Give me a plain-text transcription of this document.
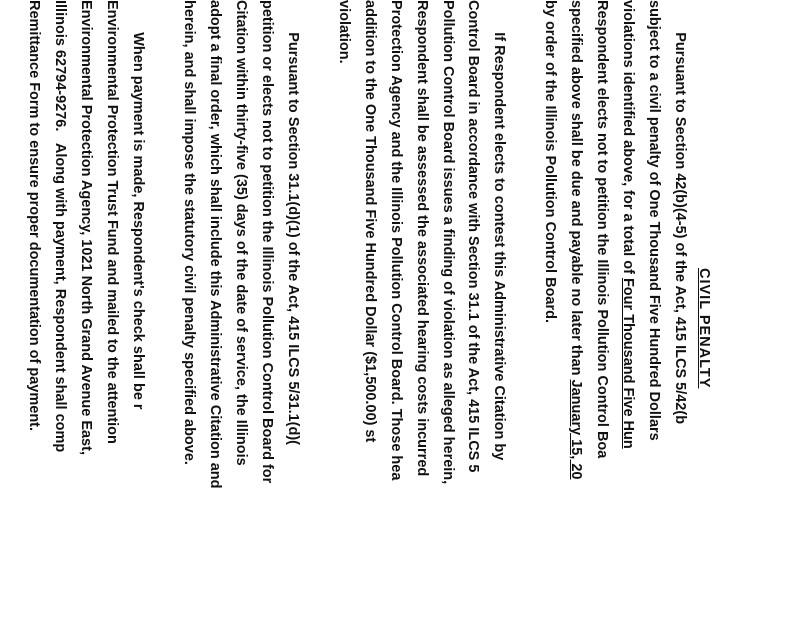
CIVIL PENALTY
Pursuant to Section 42(b)(4-5) of the Act, 415 ILCS 5/42(b
subject to a civil penalty of One Thousand Five Hundred Dollars
violations identified above, for a total of Four Thousand Five Hun
Respondent elects not to petition the Illinois Pollution Control Boa
specified above shall be due and payable no later than January 15, 20
by order of the Illinois Pollution Control Board.
If Respondent elects to contest this Administrative Citation by
Control Board in accordance with Section 31.1 of the Act, 415 ILCS 5
Pollution Control Board issues a finding of violation as alleged herein,
Respondent shall be assessed the associated hearing costs incurred
Protection Agency and the Illinois Pollution Control Board. Those hea
addition to the One Thousand Five Hundred Dollar ($1,500.00) st
violation.
Pursuant to Section 31.1(d)(1) of the Act, 415 ILCS 5/31.1(d)(
petition or elects not to petition the Illinois Pollution Control Board for
Citation within thirty-five (35) days of the date of service, the Illinois
adopt a final order, which shall include this Administrative Citation and
herein, and shall impose the statutory civil penalty specified above.
When payment is made, Respondent's check shall be r
Environmental Protection Trust Fund and mailed to the attention
Environmental Protection Agency, 1021 North Grand Avenue East,
Illinois 62794-9276.   Along with payment, Respondent shall comp
Remittance Form to ensure proper documentation of payment.
